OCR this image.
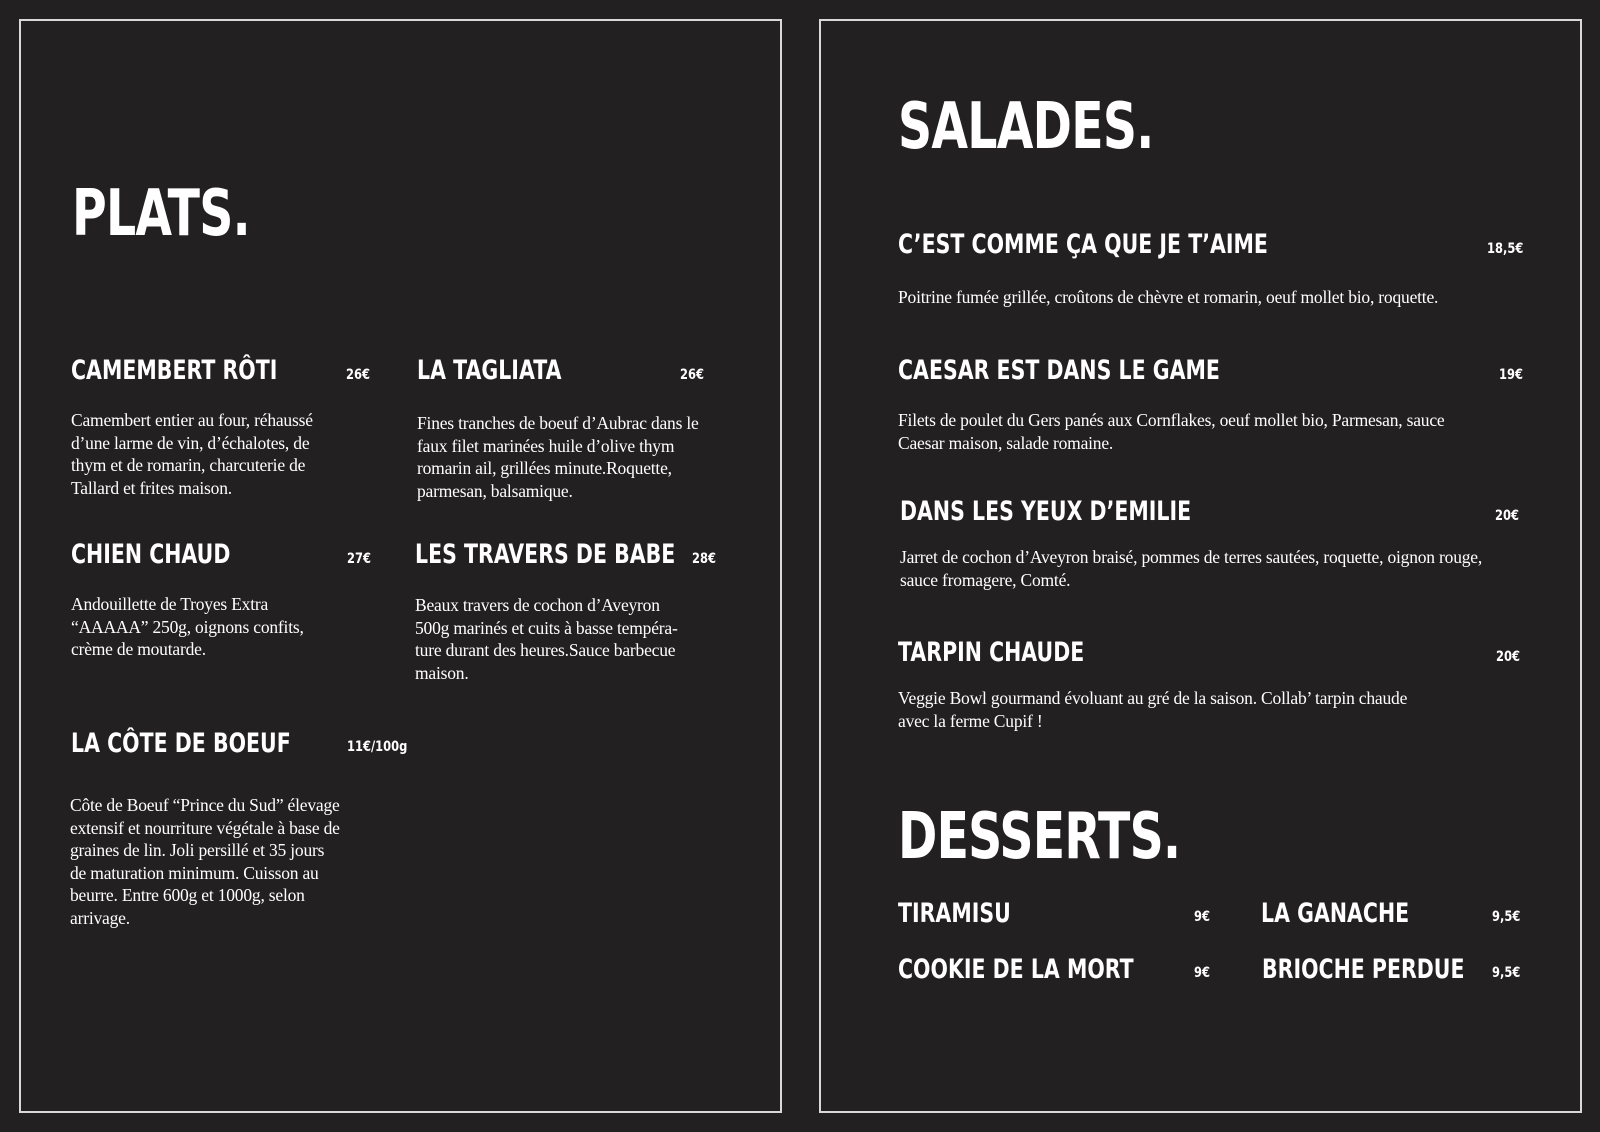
PLATS.
CAMEMBERT RÔTI	26€

Camembert entier au four, réhaussé d’une larme de vin, d’échalotes, de thym et de romarin, charcuterie de Tallard et frites maison.

LA TAGLIATA	26€

Fines tranches de boeuf d’Aubrac dans le faux filet marinées huile d’olive thym romarin ail, grillées minute.Roquette, parmesan, balsamique.

CHIEN CHAUD	27€

Andouillette de Troyes Extra “AAAAA” 250g, oignons confits, crème de moutarde.

LES TRAVERS DE BABE 28€

Beaux travers de cochon d’Aveyron 500g marinés et cuits à basse tempéra-ture durant des heures.Sauce barbecue maison.

LA CÔTE DE BOEUF	11€/100g

Côte de Boeuf “Prince du Sud” élevage extensif et nourriture végétale à base de graines de lin. Joli persillé et 35 jours de maturation minimum. Cuisson au beurre. Entre 600g et 1000g, selon arrivage.

SALADES.
C’EST COMME ÇA QUE JE T’AIME	18,5€

Poitrine fumée grillée, croûtons de chèvre et romarin, oeuf mollet bio, roquette.

CAESAR EST DANS LE GAME	19€

Filets de poulet du Gers panés aux Cornflakes, oeuf mollet bio, Parmesan, sauce Caesar maison, salade romaine.

DANS LES YEUX D’EMILIE	20€

Jarret de cochon d’Aveyron braisé, pommes de terres sautées, roquette, oignon rouge, sauce fromagere, Comté.

TARPIN CHAUDE	20€

Veggie Bowl gourmand évoluant au gré de la saison. Collab’ tarpin chaude avec la ferme Cupif !

DESSERTS.
TIRAMISU	9€ LA GANACHE	9,5€
COOKIE DE LA MORT	9€ BRIOCHE PERDUE 9,5€
